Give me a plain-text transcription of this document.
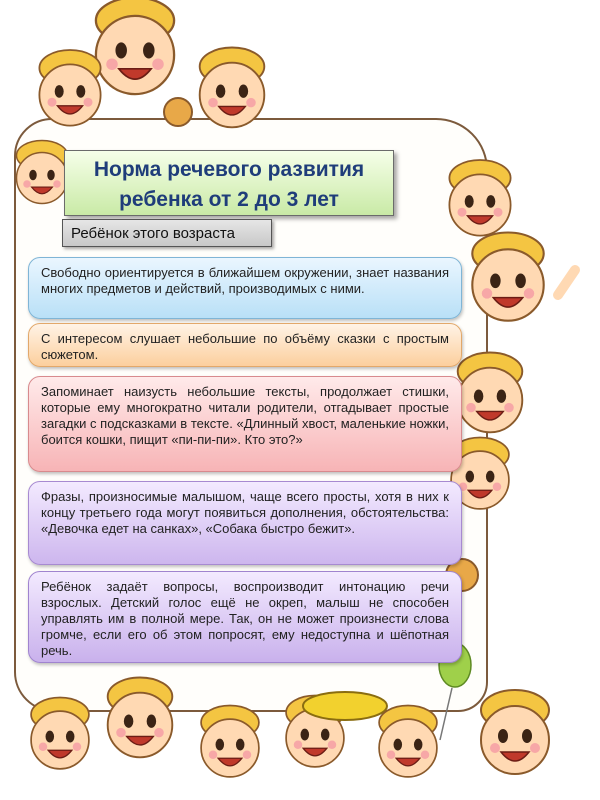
Норма речевого развития
ребенка от 2 до 3 лет
Ребёнок этого возраста
Свободно ориентируется в ближайшем окружении, знает названия многих предметов и действий, производимых с ними.
С интересом слушает небольшие по объёму сказки с простым сюжетом.
Запоминает наизусть небольшие тексты, продолжает стишки, которые ему многократно читали родители, отгадывает простые загадки с подсказками в тексте. «Длинный хвост, маленькие ножки, боится кошки, пищит «пи-пи-пи». Кто это?»
Фразы, произносимые малышом, чаще всего просты, хотя в них к концу третьего года могут появиться дополнения, обстоятельства: «Девочка едет на санках», «Собака быстро бежит».
Ребёнок задаёт вопросы, воспроизводит интонацию речи взрослых. Детский голос ещё не окреп, малыш не способен управлять им в полной мере. Так, он не может произнести слова громче, если его об этом попросят, ему недоступна и шёпотная речь.
